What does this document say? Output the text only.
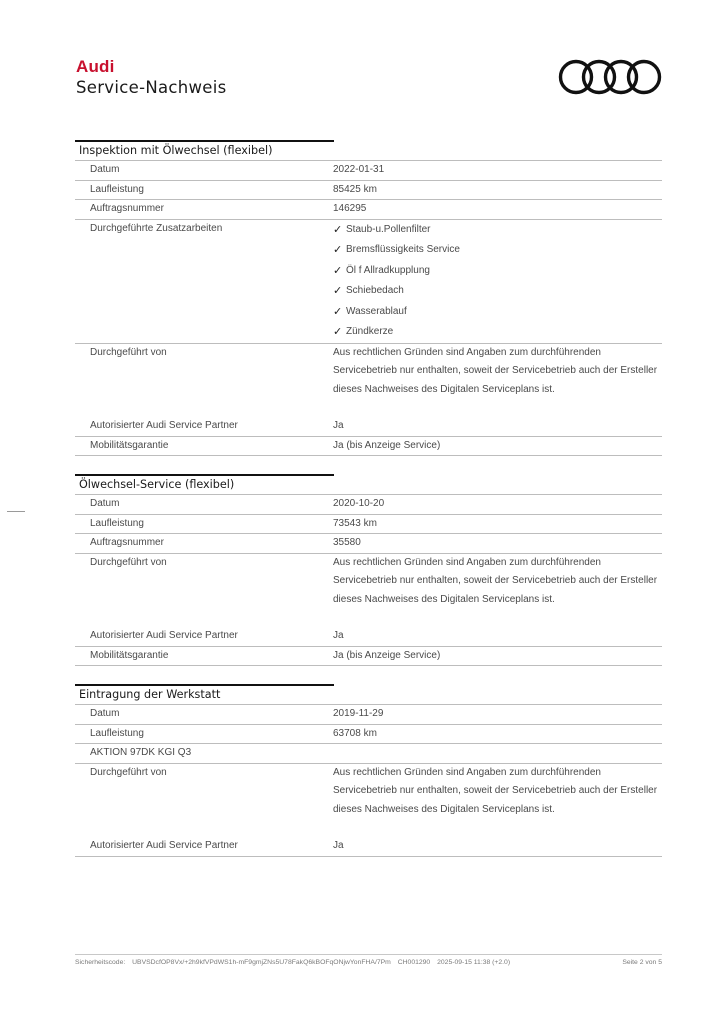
Audi
Service-Nachweis
Inspektion mit Ölwechsel (flexibel)
Datum	2022-01-31
Laufleistung	85425 km
Auftragsnummer	146295
Durchgeführte Zusatzarbeiten	✓ Staub-u.Pollenfilter
✓ Bremsflüssigkeits Service
✓ Öl f Allradkupplung
✓ Schiebedach
✓ Wasserablauf
✓ Zündkerze
Durchgeführt von	Aus rechtlichen Gründen sind Angaben zum durchführenden Servicebetrieb nur enthalten, soweit der Servicebetrieb auch der Ersteller dieses Nachweises des Digitalen Serviceplans ist.
Autorisierter Audi Service Partner	Ja
Mobilitätsgarantie	Ja (bis Anzeige Service)
Ölwechsel-Service (flexibel)
Datum	2020-10-20
Laufleistung	73543 km
Auftragsnummer	35580
Durchgeführt von	Aus rechtlichen Gründen sind Angaben zum durchführenden Servicebetrieb nur enthalten, soweit der Servicebetrieb auch der Ersteller dieses Nachweises des Digitalen Serviceplans ist.
Autorisierter Audi Service Partner	Ja
Mobilitätsgarantie	Ja (bis Anzeige Service)
Eintragung der Werkstatt
Datum	2019-11-29
Laufleistung	63708 km
AKTION 97DK KGI Q3
Durchgeführt von	Aus rechtlichen Gründen sind Angaben zum durchführenden Servicebetrieb nur enthalten, soweit der Servicebetrieb auch der Ersteller dieses Nachweises des Digitalen Serviceplans ist.
Autorisierter Audi Service Partner	Ja
Sicherheitscode: UBVSDcfOP8Vx/+2h9kfVPdWS1h-mF9gmjZNs5U78FakQ6kBOFqONjwYonFHA/7Pm CH001290 2025-09-15 11:38 (+2.0)	Seite 2 von 5
